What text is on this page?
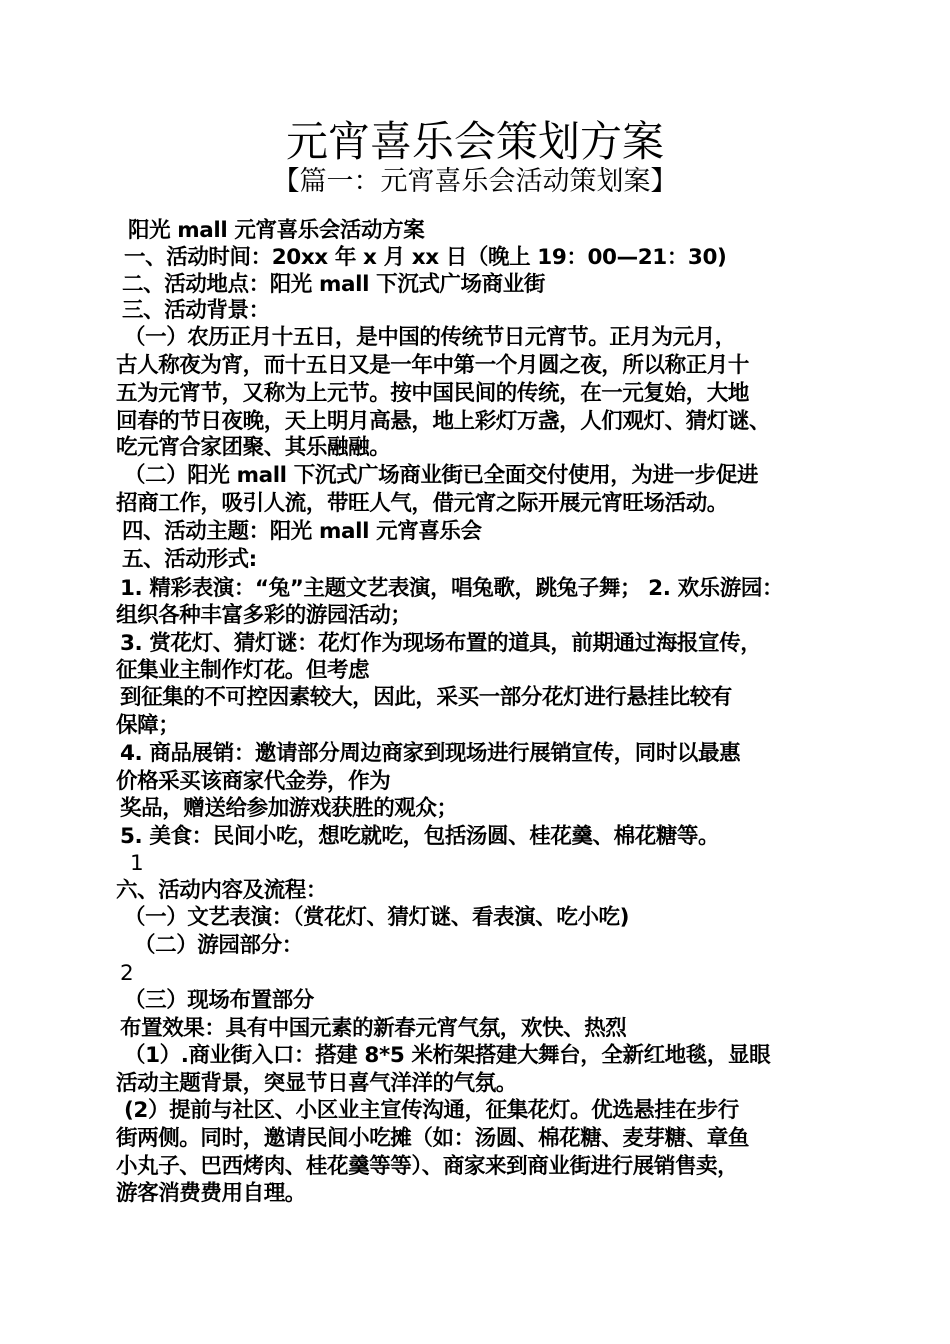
元宵喜乐会策划方案
【篇一：元宵喜乐会活动策划案】
阳光 mall 元宵喜乐会活动方案
一、活动时间：20xx 年 x 月 xx 日（晚上 19：00—21：30)
二、活动地点：阳光 mall 下沉式广场商业街
三、活动背景：
（一）农历正月十五日，是中国的传统节日元宵节。正月为元月，
古人称夜为宵，而十五日又是一年中第一个月圆之夜，所以称正月十
五为元宵节，又称为上元节。按中国民间的传统，在一元复始，大地
回春的节日夜晚，天上明月高悬，地上彩灯万盏，人们观灯、猜灯谜、
吃元宵合家团聚、其乐融融。
（二）阳光 mall 下沉式广场商业街已全面交付使用，为进一步促进
招商工作，吸引人流，带旺人气，借元宵之际开展元宵旺场活动。
四、活动主题：阳光 mall 元宵喜乐会
五、活动形式:
1. 精彩表演：“兔”主题文艺表演，唱兔歌，跳兔子舞； 2. 欢乐游园：
组织各种丰富多彩的游园活动；
3. 赏花灯、猜灯谜：花灯作为现场布置的道具，前期通过海报宣传，
征集业主制作灯花。但考虑
到征集的不可控因素较大，因此，采买一部分花灯进行悬挂比较有
保障；
4. 商品展销：邀请部分周边商家到现场进行展销宣传，同时以最惠
价格采买该商家代金券，作为
奖品，赠送给参加游戏获胜的观众；
5. 美食：民间小吃，想吃就吃，包括汤圆、桂花羹、棉花糖等。
1
六、活动内容及流程：
（一）文艺表演：（赏花灯、猜灯谜、看表演、吃小吃)
（二）游园部分：
2
（三）现场布置部分
布置效果：具有中国元素的新春元宵气氛，欢快、热烈
（1）.商业街入口：搭建 8*5 米桁架搭建大舞台，全新红地毯，显眼
活动主题背景，突显节日喜气洋洋的气氛。
(2）提前与社区、小区业主宣传沟通，征集花灯。优选悬挂在步行
街两侧。同时，邀请民间小吃摊（如：汤圆、棉花糖、麦芽糖、章鱼
小丸子、巴西烤肉、桂花羹等等）、商家来到商业街进行展销售卖，
游客消费费用自理。
